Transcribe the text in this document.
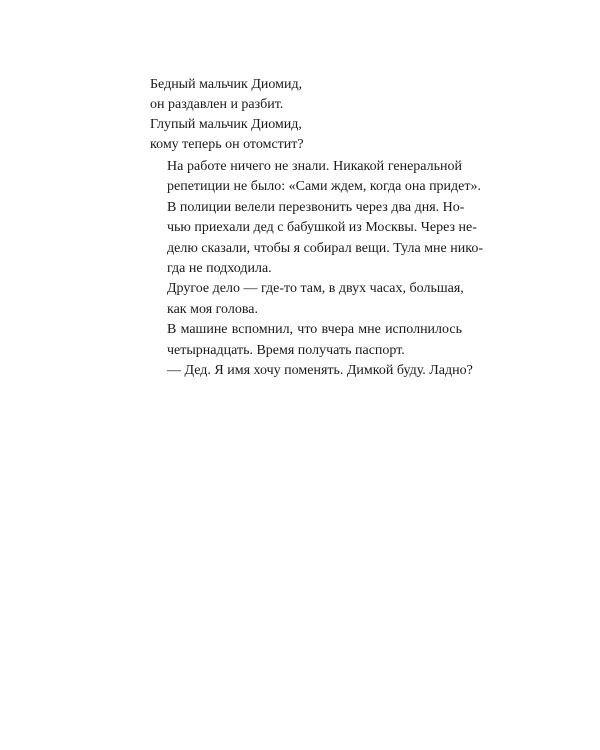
Бедный мальчик Диомид,
он раздавлен и разбит.
Глупый мальчик Диомид,
кому теперь он отомстит?
На работе ничего не знали. Никакой генеральной
репетиции не было: «Сами ждем, когда она придет».
В полиции велели перезвонить через два дня. Но-
чью приехали дед с бабушкой из Москвы. Через не-
делю сказали, чтобы я собирал вещи. Тула мне нико-
гда не подходила.
Другое дело — где-то там, в двух часах, большая,
как моя голова.
В машине вспомнил, что вчера мне исполнилось
четырнадцать. Время получать паспорт.
— Дед. Я имя хочу поменять. Димкой буду. Ладно?
